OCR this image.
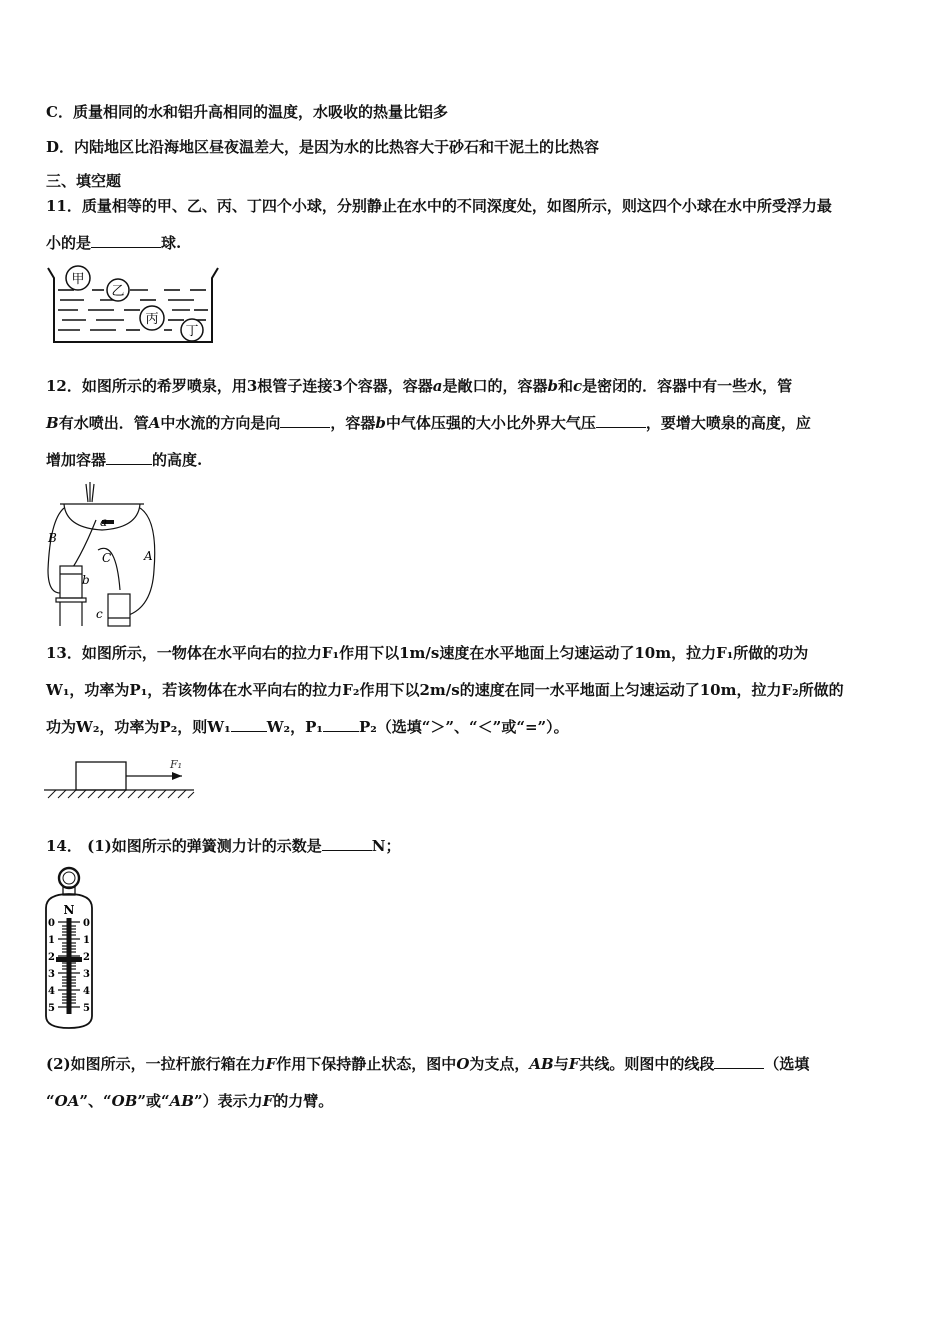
C．质量相同的水和铝升高相同的温度，水吸收的热量比铝多
D．内陆地区比沿海地区昼夜温差大，是因为水的比热容大于砂石和干泥土的比热容
三、填空题
11．质量相等的甲、乙、丙、丁四个小球，分别静止在水中的不同深度处，如图所示，则这四个小球在水中所受浮力最
小的是	球.
甲
乙
丙
丁
12．如图所示的希罗喷泉，用3根管子连接3个容器，容器a是敞口的，容器b和c是密闭的．容器中有一些水，管
B有水喷出．管A中水流的方向是向	，容器b中气体压强的大小比外界大气压	，要增大喷泉的高度，应
增加容器	的高度.
a
B
C	A
b
c
13．如图所示，一物体在水平向右的拉力F₁作用下以1m/s速度在水平地面上匀速运动了10m，拉力F₁所做的功为
W₁，功率为P₁，若该物体在水平向右的拉力F₂作用下以2m/s的速度在同一水平地面上匀速运动了10m，拉力F₂所做的
功为W₂，功率为P₂，则W₁ W₂，P₁ P₂（选填“＞”、“＜”或“=”）。
F₁
14． (1)如图所示的弹簧测力计的示数是	N；
N
0	0
1	1
2	2
3	3
4	4
5	5
(2)如图所示，一拉杆旅行箱在力F作用下保持静止状态，图中O为支点，AB与F共线。则图中的线段	（选填
“OA”、“OB”或“AB”）表示力F的力臂。
